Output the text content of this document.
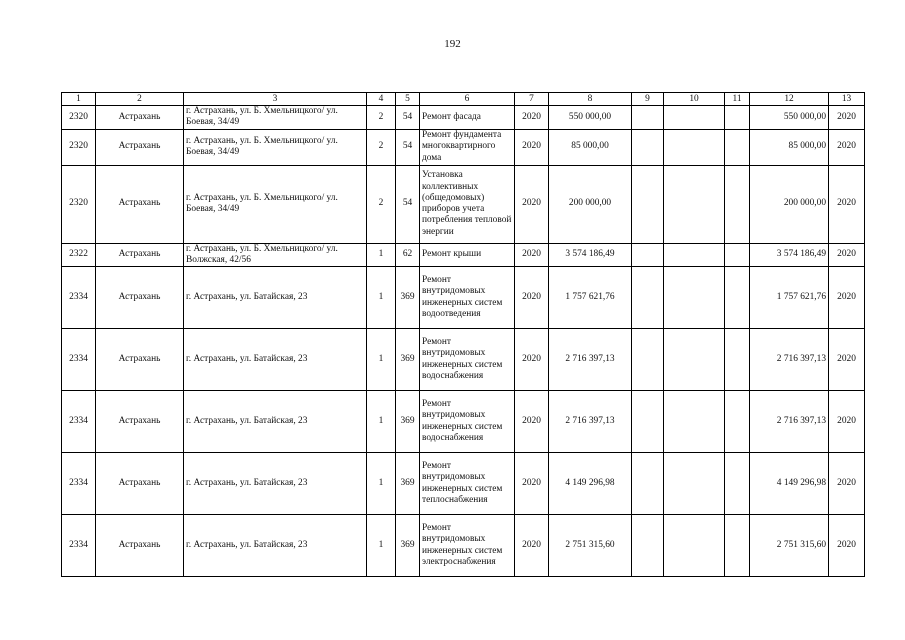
192
1	2	3	4	5	6	7	8	9	10	11	12	13
2320	Астрахань	г. Астрахань, ул. Б. Хмельницкого/ ул. Боевая, 34/49	2	54	Ремонт фасада	2020	550 000,00				550 000,00	2020
2320	Астрахань	г. Астрахань, ул. Б. Хмельницкого/ ул. Боевая, 34/49	2	54	Ремонт фундамента многоквартирного дома	2020	85 000,00				85 000,00	2020
2320	Астрахань	г. Астрахань, ул. Б. Хмельницкого/ ул. Боевая, 34/49	2	54	Установка коллективных (общедомовых) приборов учета потребления тепловой энергии	2020	200 000,00				200 000,00	2020
2322	Астрахань	г. Астрахань, ул. Б. Хмельницкого/ ул. Волжская, 42/56	1	62	Ремонт крыши	2020	3 574 186,49				3 574 186,49	2020
2334	Астрахань	г. Астрахань, ул. Батайская, 23	1	369	Ремонт внутридомовых инженерных систем водоотведения	2020	1 757 621,76				1 757 621,76	2020
2334	Астрахань	г. Астрахань, ул. Батайская, 23	1	369	Ремонт внутридомовых инженерных систем водоснабжения	2020	2 716 397,13				2 716 397,13	2020
2334	Астрахань	г. Астрахань, ул. Батайская, 23	1	369	Ремонт внутридомовых инженерных систем водоснабжения	2020	2 716 397,13				2 716 397,13	2020
2334	Астрахань	г. Астрахань, ул. Батайская, 23	1	369	Ремонт внутридомовых инженерных систем теплоснабжения	2020	4 149 296,98				4 149 296,98	2020
2334	Астрахань	г. Астрахань, ул. Батайская, 23	1	369	Ремонт внутридомовых инженерных систем электроснабжения	2020	2 751 315,60				2 751 315,60	2020
